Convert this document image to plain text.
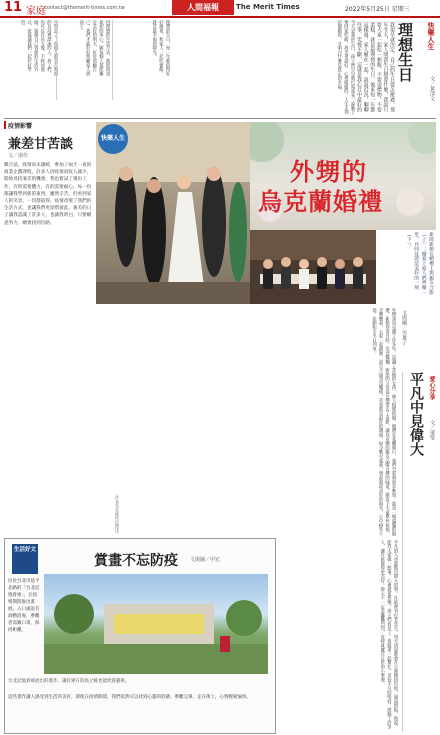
11 家庭
contact@themerit-times.com.tw	人間福報	The Merit Times	2022年5月25日 星期三
的長河裡漂流的人。孩子們，你可以在長大後，不時回過頭，接納自己曾經的生活方式，也能讓我們一起好好學習。	用理想的生活方式，就能回到最初的本心。願每個人都能擁有美好的明天，好好照顧自己，我們才能好好照顧家人與孩子。	理想的生日，每一年都值得好好慶祝，和家人一起吃頓飯，就是最幸福的時光。	今天是我的生日，孩子們早早就打電話來，說晚上要回家吃飯。我笑著說好，心裡暖暖的。人生走到這個階段，才明白什麼是真正的幸福。	我很早就決定，自己的生日要怎麼過。那年冬天，家人問我生日想要什麼，我說只要大家一起吃一頓飯，不要送禮物，不要蛋糕，就是最理想的生日。後來每一年都這樣過，家人聚在一起，說說近況，聊聊往事，笑聲不斷，這就是我心目中最好的
理想生日	快樂人生
文／黃清文
疫情影響
兼差甘苦談
文／湯佳
數月前，疫情尚未趨緩，參加了兩天一夜的商業企劃課程，許多人因疫情而收入減少，開始尋找兼差的機會。我也嘗試了幾份工作，有的需要體力，有的需要耐心，每一份都讓我學到新的東西。雖然辛苦，但看到家人的笑容，一切都值得。疫情改變了我們的生活方式，也讓我們更珍惜彼此。兼差的日子讓我認識了許多人，也讓我明白，只要願意努力，總會找到出路。
快樂人生
外甥的
烏克蘭婚禮
新郎新娘在婚禮上與親友合影（上）；婚宴上家人們齊聚一堂，共同見證這美好的一刻（下）。
外甥到烏克蘭工作多年，認識了當地的女孩，兩人相戀結婚。婚禮在基輔舉行，我們全家飛過去參加。那是一場溫馨的婚禮，新娘穿著白紗，笑容燦爛。新郎的父母從台灣帶去了喜餅，讓烏克蘭的親友品嚐台灣的味道。婚宴上大家舉杯祝福，音樂響起，大家一起跳舞，語言不通也沒關係，笑容就是最好的溝通。如今戰火蔓延，想起那段美好的時光，心中格外不捨，祈願和平早日到來。	文與圖／丞葉子
（作者為本報特約撰述）
愛心分享
平凡中見偉大	文／邢瑩
平凡的人也能做出偉大的事。社區裡有位老先生，每天清晨都會在公園撿拾垃圾，風雨無阻。他說，能為大家做一點事，心裡就很快樂。孩子們看見了，也跟著一起幫忙。這份平凡的堅持，感動了許多人，讓社區變得更美好。偉大不一定是轟轟烈烈，有時就藏在日常的小事裡。
生活好文
賞畫不忘防疫 文與圖／甲宏
位於台北市延平北路的「台北記憶倉庫」，在疫情期間推出畫展。入口處設有酒精消毒，參觀者需戴口罩，保持距離。
台北記憶倉庫展出的畫作，讓民眾在防疫之餘也能欣賞藝術。
這些畫作讓人感受到生活的美好，即使在疫情期間，我們依然可以找到心靈的慰藉。參觀完畢，走在街上，心情輕鬆愉快。
